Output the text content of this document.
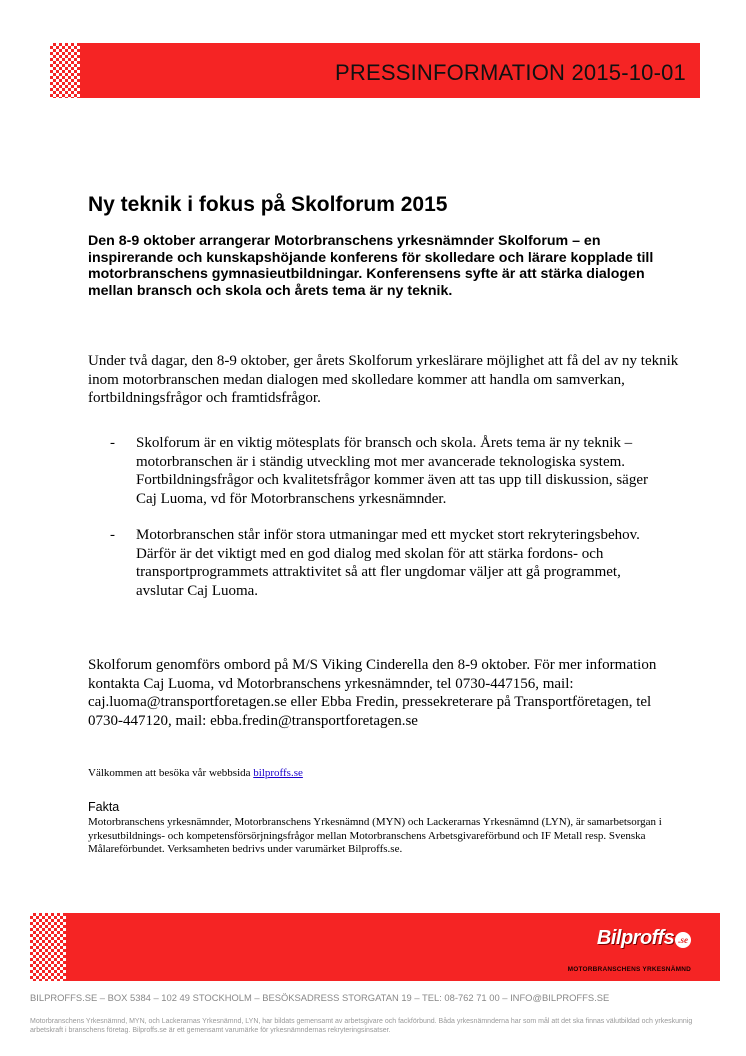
PRESSINFORMATION 2015-10-01
Ny teknik i fokus på Skolforum 2015
Den 8-9 oktober arrangerar Motorbranschens yrkesnämnder Skolforum – en inspirerande och kunskapshöjande konferens för skolledare och lärare kopplade till motorbranschens gymnasieutbildningar. Konferensens syfte är att stärka dialogen mellan bransch och skola och årets tema är ny teknik.
Under två dagar, den 8-9 oktober, ger årets Skolforum yrkeslärare möjlighet att få del av ny teknik inom motorbranschen medan dialogen med skolledare kommer att handla om samverkan, fortbildningsfrågor och framtidsfrågor.
- Skolforum är en viktig mötesplats för bransch och skola. Årets tema är ny teknik – motorbranschen är i ständig utveckling mot mer avancerade teknologiska system. Fortbildningsfrågor och kvalitetsfrågor kommer även att tas upp till diskussion, säger Caj Luoma, vd för Motorbranschens yrkesnämnder.
- Motorbranschen står inför stora utmaningar med ett mycket stort rekryteringsbehov. Därför är det viktigt med en god dialog med skolan för att stärka fordons- och transportprogrammets attraktivitet så att fler ungdomar väljer att gå programmet, avslutar Caj Luoma.
Skolforum genomförs ombord på M/S Viking Cinderella den 8-9 oktober. För mer information kontakta Caj Luoma, vd Motorbranschens yrkesnämnder, tel 0730-447156, mail: caj.luoma@transportforetagen.se eller Ebba Fredin, pressekreterare på Transportföretagen, tel 0730-447120, mail: ebba.fredin@transportforetagen.se
Välkommen att besöka vår webbsida bilproffs.se
Fakta
Motorbranschens yrkesnämnder, Motorbranschens Yrkesnämnd (MYN) och Lackerarnas Yrkesnämnd (LYN), är samarbetsorgan i yrkesutbildnings- och kompetensförsörjningsfrågor mellan Motorbranschens Arbetsgivareförbund och IF Metall resp. Svenska Målareförbundet. Verksamheten bedrivs under varumärket Bilproffs.se.
Bilproffs .se
MOTORBRANSCHENS YRKESNÄMND
BILPROFFS.SE – BOX 5384 – 102 49 STOCKHOLM – BESÖKSADRESS STORGATAN 19 – TEL: 08-762 71 00 – INFO@BILPROFFS.SE
Motorbranschens Yrkesnämnd, MYN, och Lackerarnas Yrkesnämnd, LYN, har bildats gemensamt av arbetsgivare och fackförbund. Båda yrkesnämnderna har som mål att det ska finnas välutbildad och yrkeskunnig arbetskraft i branschens företag. Bilproffs.se är ett gemensamt varumärke för yrkesnämndernas rekryteringsinsatser.
